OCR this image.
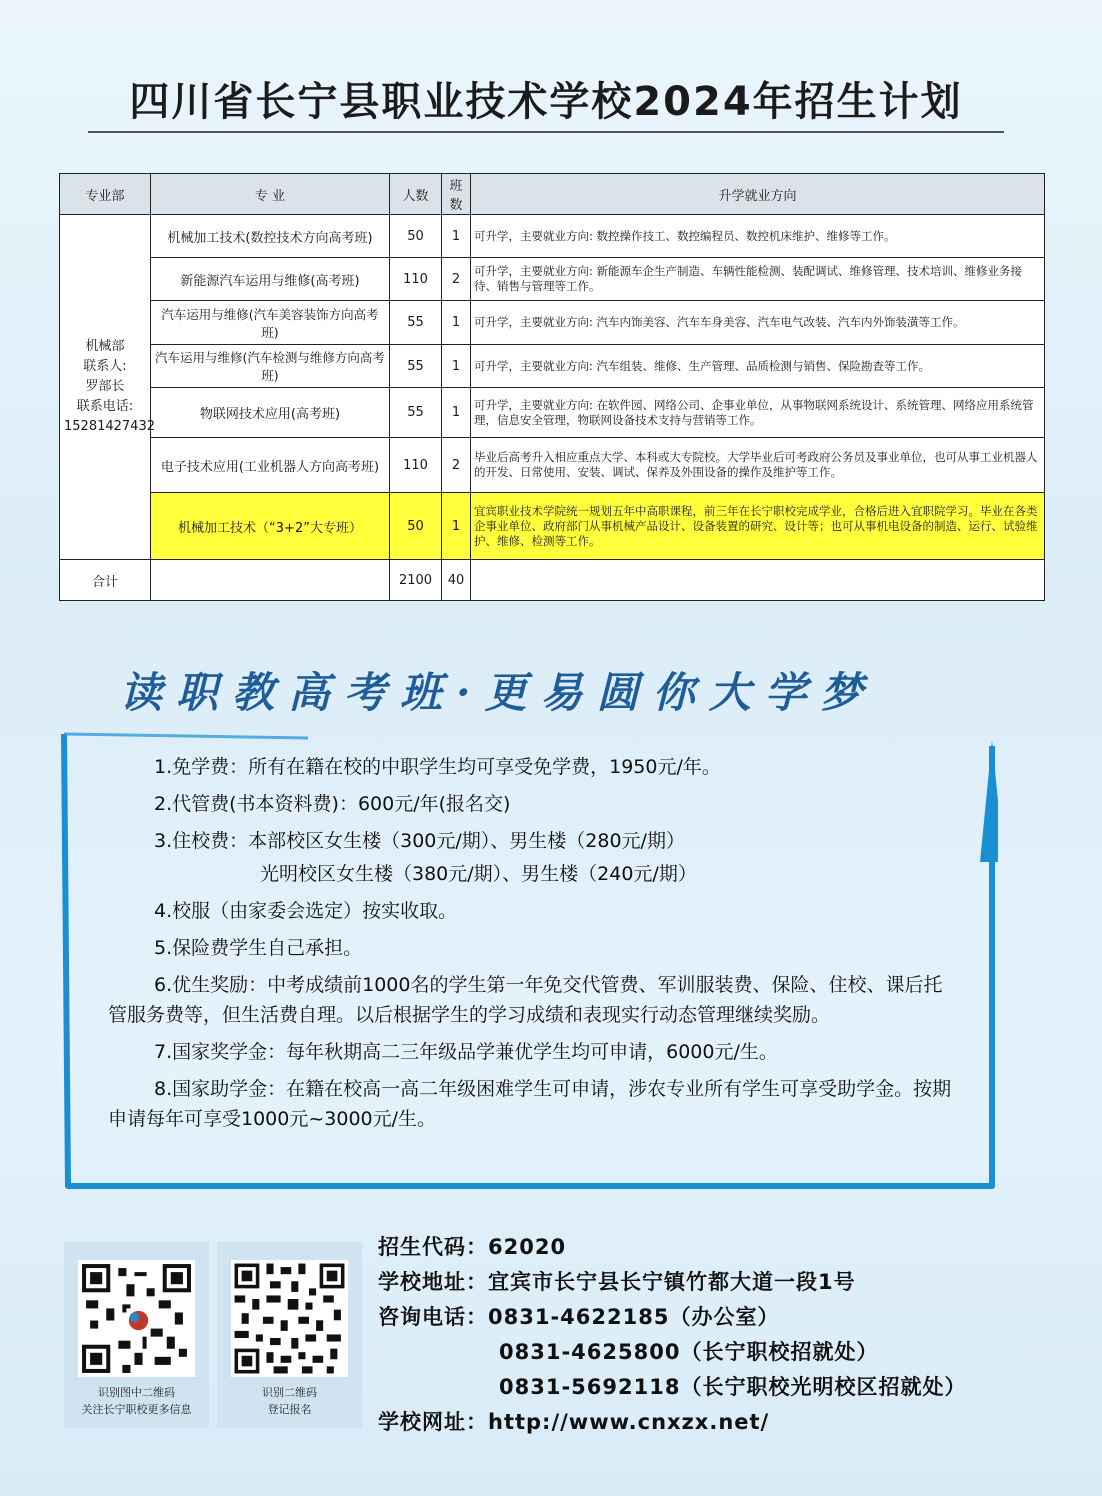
四川省长宁县职业技术学校2024年招生计划
专业部	专 业	人数	班数	升学就业方向

机械部
联系人:
罗部长
联系电话:
15281427432	机械加工技术(数控技术方向高考班)	50	1	可升学，主要就业方向: 数控操作技工、数控编程员、数控机床维护、维修等工作。
	新能源汽车运用与维修(高考班)	110	2	可升学，主要就业方向: 新能源车企生产制造、车辆性能检测、装配调试、维修管理、技术培训、维修业务接待、销售与管理等工作。
	汽车运用与维修(汽车美容装饰方向高考班)	55	1	可升学，主要就业方向: 汽车内饰美容、汽车车身美容、汽车电气改装、汽车内外饰装潢等工作。
	汽车运用与维修(汽车检测与维修方向高考班)	55	1	可升学，主要就业方向: 汽车组装、维修、生产管理、品质检测与销售、保险勘查等工作。
	物联网技术应用(高考班)	55	1	可升学，主要就业方向: 在软件园、网络公司、企事业单位，从事物联网系统设计、系统管理、网络应用系统管理，信息安全管理，物联网设备技术支持与营销等工作。
	电子技术应用(工业机器人方向高考班)	110	2	毕业后高考升入相应重点大学、本科或大专院校。大学毕业后可考政府公务员及事业单位，也可从事工业机器人的开发、日常使用、安装、调试、保养及外围设备的操作及维护等工作。
	机械加工技术（“3+2”大专班）	50	1	宜宾职业技术学院统一规划五年中高职课程，前三年在长宁职校完成学业，合格后进入宜职院学习。毕业在各类企事业单位、政府部门从事机械产品设计、设备装置的研究、设计等；也可从事机电设备的制造、运行、试验维护、维修、检测等工作。
合计		2100	40	
读职教高考班·更易圆你大学梦
1.免学费：所有在籍在校的中职学生均可享受免学费，1950元/年。
2.代管费(书本资料费)：600元/年(报名交)
3.住校费：本部校区女生楼（300元/期）、男生楼（280元/期）
光明校区女生楼（380元/期）、男生楼（240元/期）
4.校服（由家委会选定）按实收取。
5.保险费学生自己承担。
6.优生奖励：中考成绩前1000名的学生第一年免交代管费、军训服装费、保险、住校、课后托管服务费等，但生活费自理。以后根据学生的学习成绩和表现实行动态管理继续奖励。
7.国家奖学金：每年秋期高二三年级品学兼优学生均可申请，6000元/生。
8.国家助学金：在籍在校高一高二年级困难学生可申请，涉农专业所有学生可享受助学金。按期申请每年可享受1000元~3000元/生。
识别图中二维码
关注长宁职校更多信息
识别二维码
登记报名
招生代码：62020
学校地址：宜宾市长宁县长宁镇竹都大道一段1号
咨询电话：0831-4622185（办公室）
0831-4625800（长宁职校招就处）
0831-5692118（长宁职校光明校区招就处）
学校网址：http://www.cnxzx.net/
